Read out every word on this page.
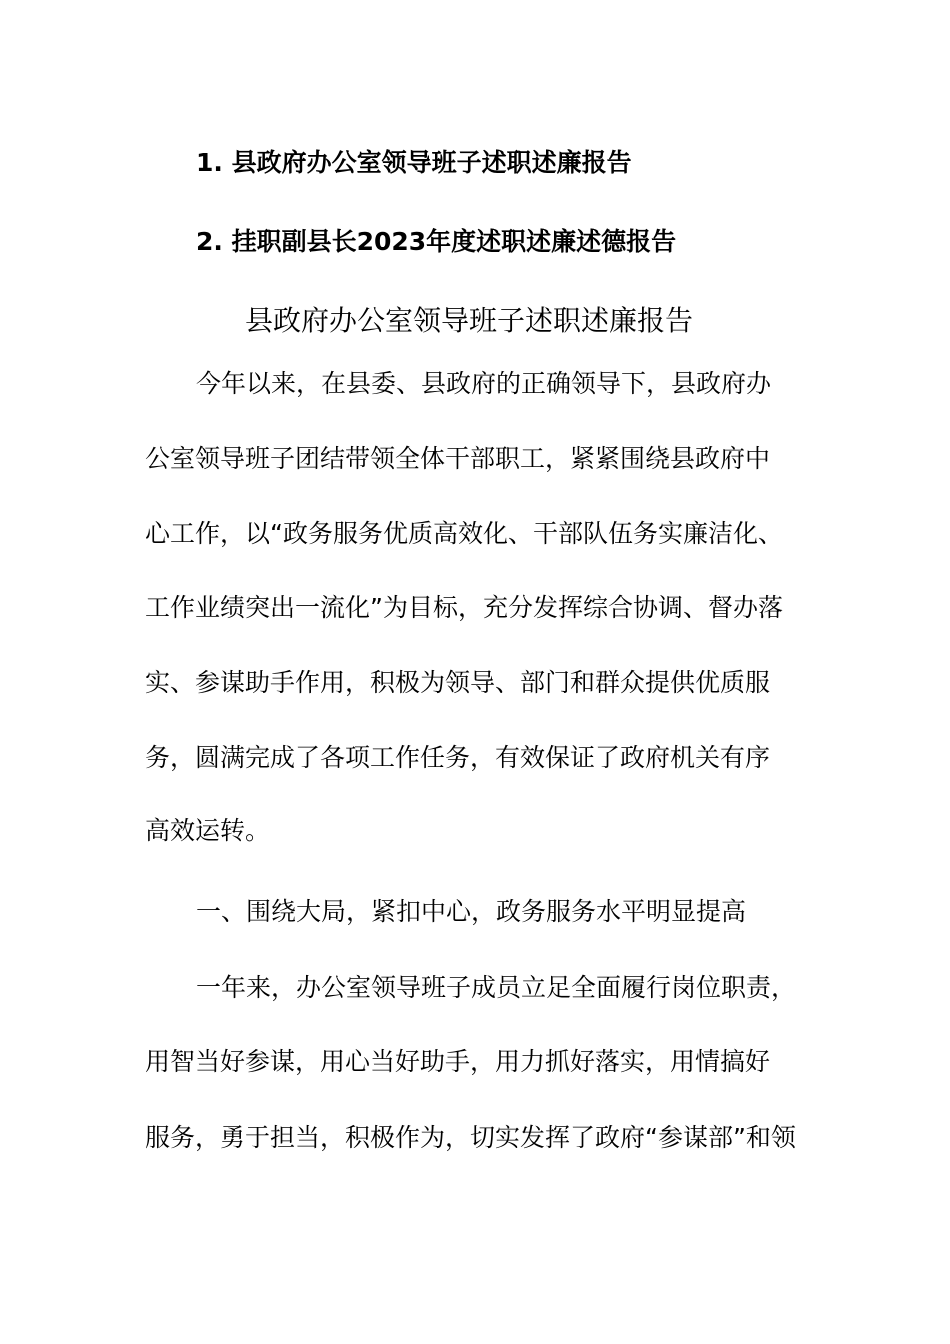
1. 县政府办公室领导班子述职述廉报告
2. 挂职副县长2023年度述职述廉述德报告
县政府办公室领导班子述职述廉报告
今年以来，在县委、县政府的正确领导下，县政府办
公室领导班子团结带领全体干部职工，紧紧围绕县政府中
心工作，以“政务服务优质高效化、干部队伍务实廉洁化、
工作业绩突出一流化”为目标，充分发挥综合协调、督办落
实、参谋助手作用，积极为领导、部门和群众提供优质服
务，圆满完成了各项工作任务，有效保证了政府机关有序
高效运转。
一、围绕大局，紧扣中心，政务服务水平明显提高
一年来，办公室领导班子成员立足全面履行岗位职责，
用智当好参谋，用心当好助手，用力抓好落实，用情搞好
服务，勇于担当，积极作为，切实发挥了政府“参谋部”和领
